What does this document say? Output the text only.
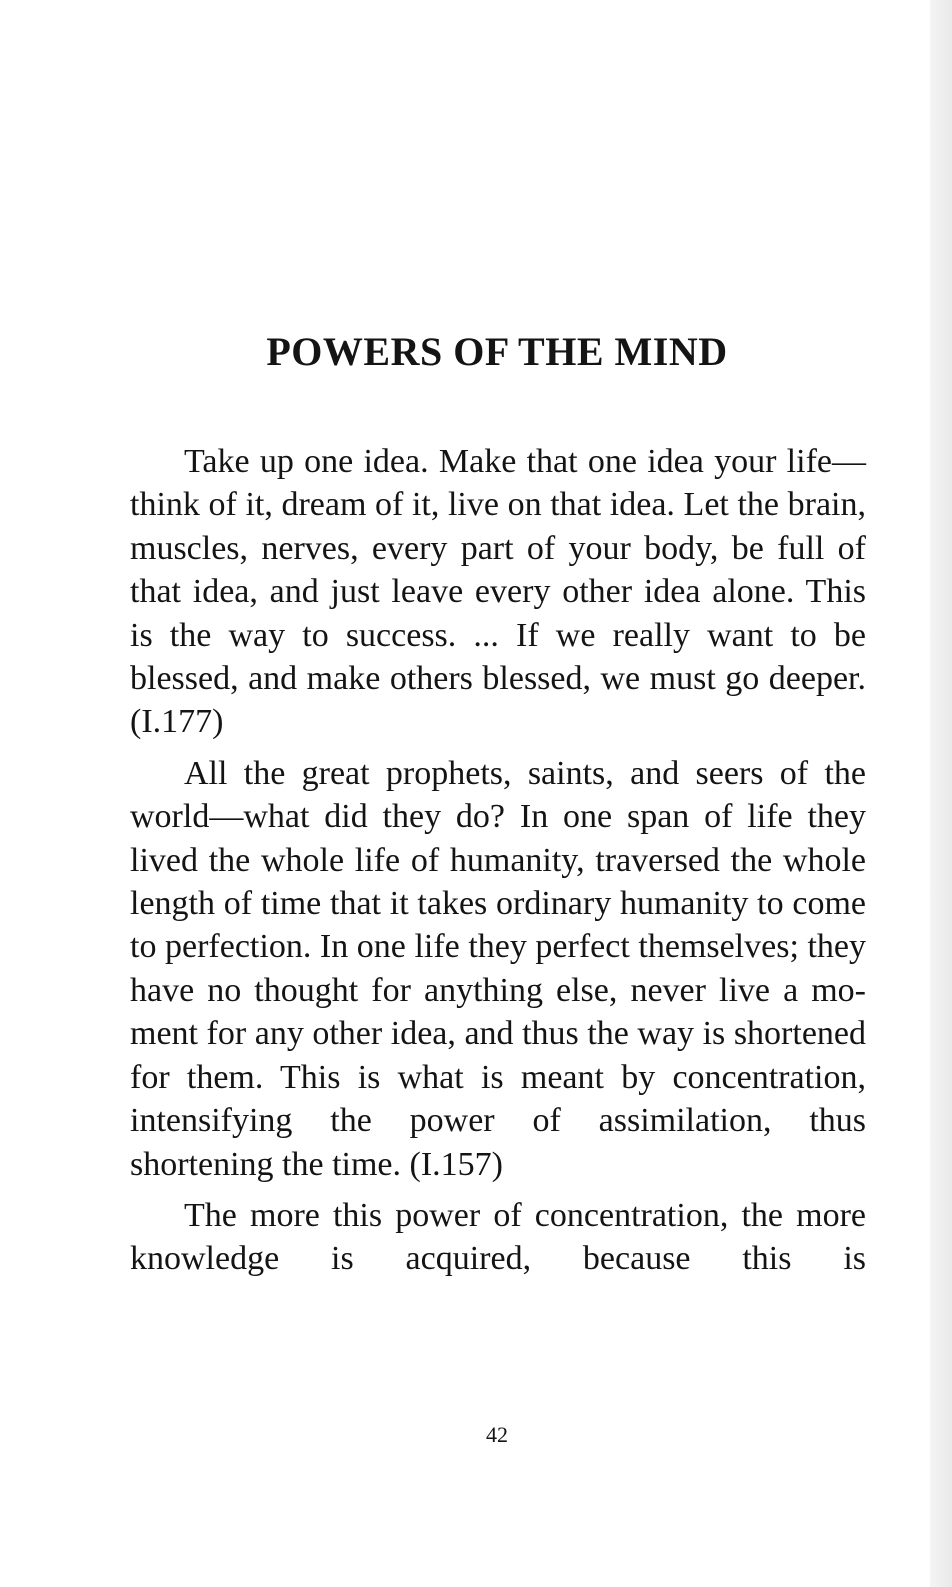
POWERS OF THE MIND

Take up one idea. Make that one idea your life—think of it, dream of it, live on that idea. Let the brain, muscles, nerves, every part of your body, be full of that idea, and just leave every other idea alone. This is the way to success. ... If we really want to be blessed, and make others blessed, we must go deeper. (I.177)

All the great prophets, saints, and seers of the world—what did they do? In one span of life they lived the whole life of humanity, traversed the whole length of time that it takes ordinary humanity to come to perfection. In one life they perfect themselves; they have no thought for anything else, never live a moment for any other idea, and thus the way is shortened for them. This is what is meant by concentration, intensifying the power of assimilation, thus shortening the time. (I.157)

The more this power of concentration, the more knowledge is acquired, because this is

42
